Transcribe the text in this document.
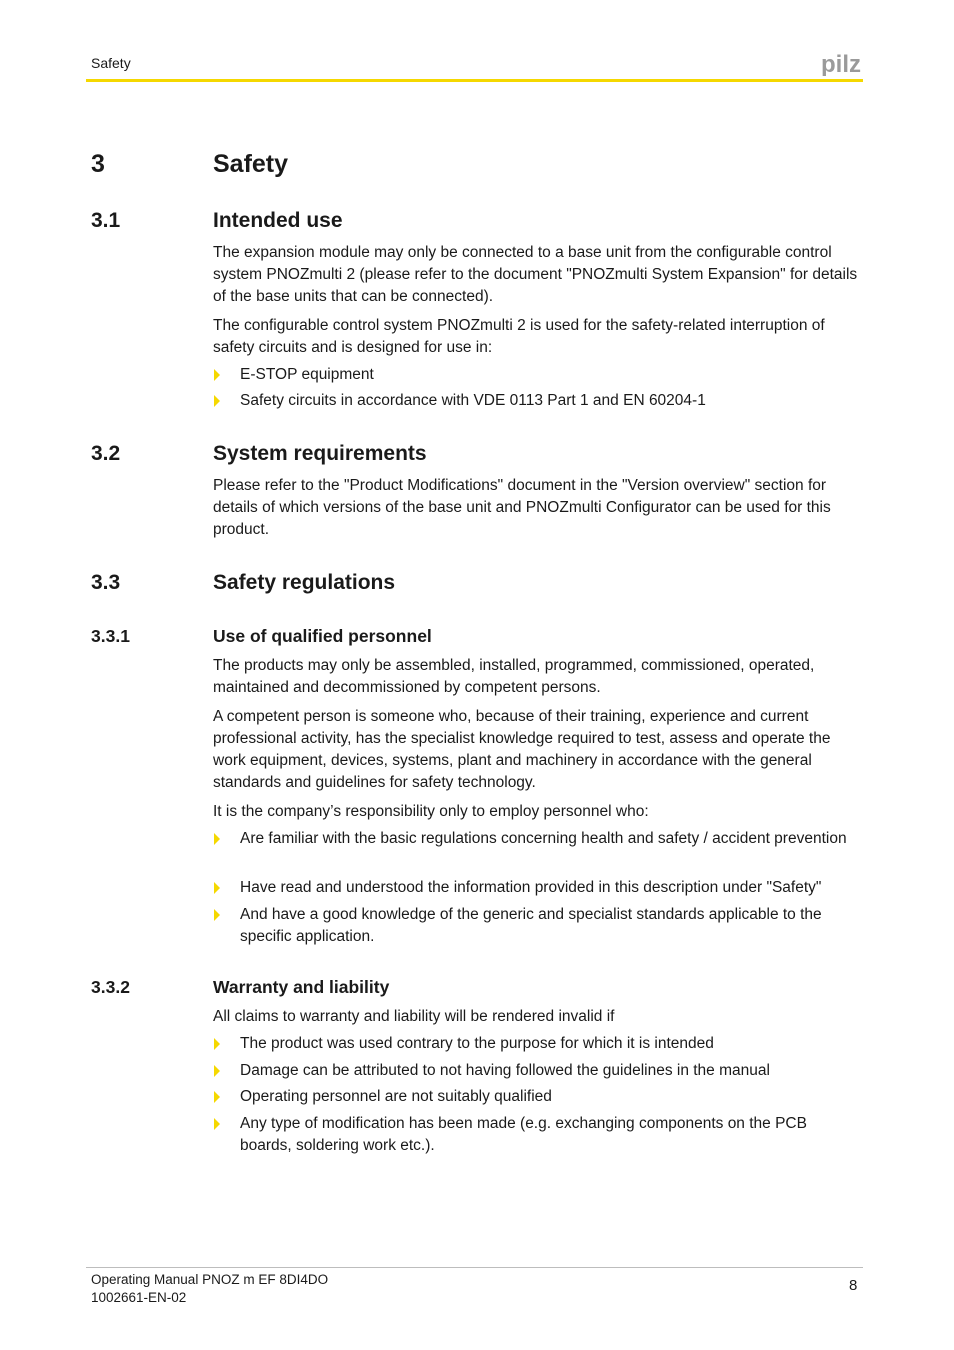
Safety	pilz
3	Safety
3.1	Intended use

The expansion module may only be connected to a base unit from the configurable control system PNOZmulti 2 (please refer to the document "PNOZmulti System Expansion" for details of the base units that can be connected).

The configurable control system PNOZmulti 2 is used for the safety-related interruption of safety circuits and is designed for use in:

E-STOP equipment
Safety circuits in accordance with VDE 0113 Part 1 and EN 60204-1
3.2	System requirements

Please refer to the "Product Modifications" document in the "Version overview" section for details of which versions of the base unit and PNOZmulti Configurator can be used for this product.

3.3	Safety regulations
3.3.1	Use of qualified personnel

The products may only be assembled, installed, programmed, commissioned, operated, maintained and decommissioned by competent persons.

A competent person is someone who, because of their training, experience and current professional activity, has the specialist knowledge required to test, assess and operate the work equipment, devices, systems, plant and machinery in accordance with the general standards and guidelines for safety technology.

It is the company’s responsibility only to employ personnel who:

Are familiar with the basic regulations concerning health and safety / accident prevention
Have read and understood the information provided in this description under "Safety"
And have a good knowledge of the generic and specialist standards applicable to the specific application.
3.3.2	Warranty and liability

All claims to warranty and liability will be rendered invalid if

The product was used contrary to the purpose for which it is intended
Damage can be attributed to not having followed the guidelines in the manual
Operating personnel are not suitably qualified
Any type of modification has been made (e.g. exchanging components on the PCB boards, soldering work etc.).
Operating Manual PNOZ m EF 8DI4DO
1002661-EN-02
8
